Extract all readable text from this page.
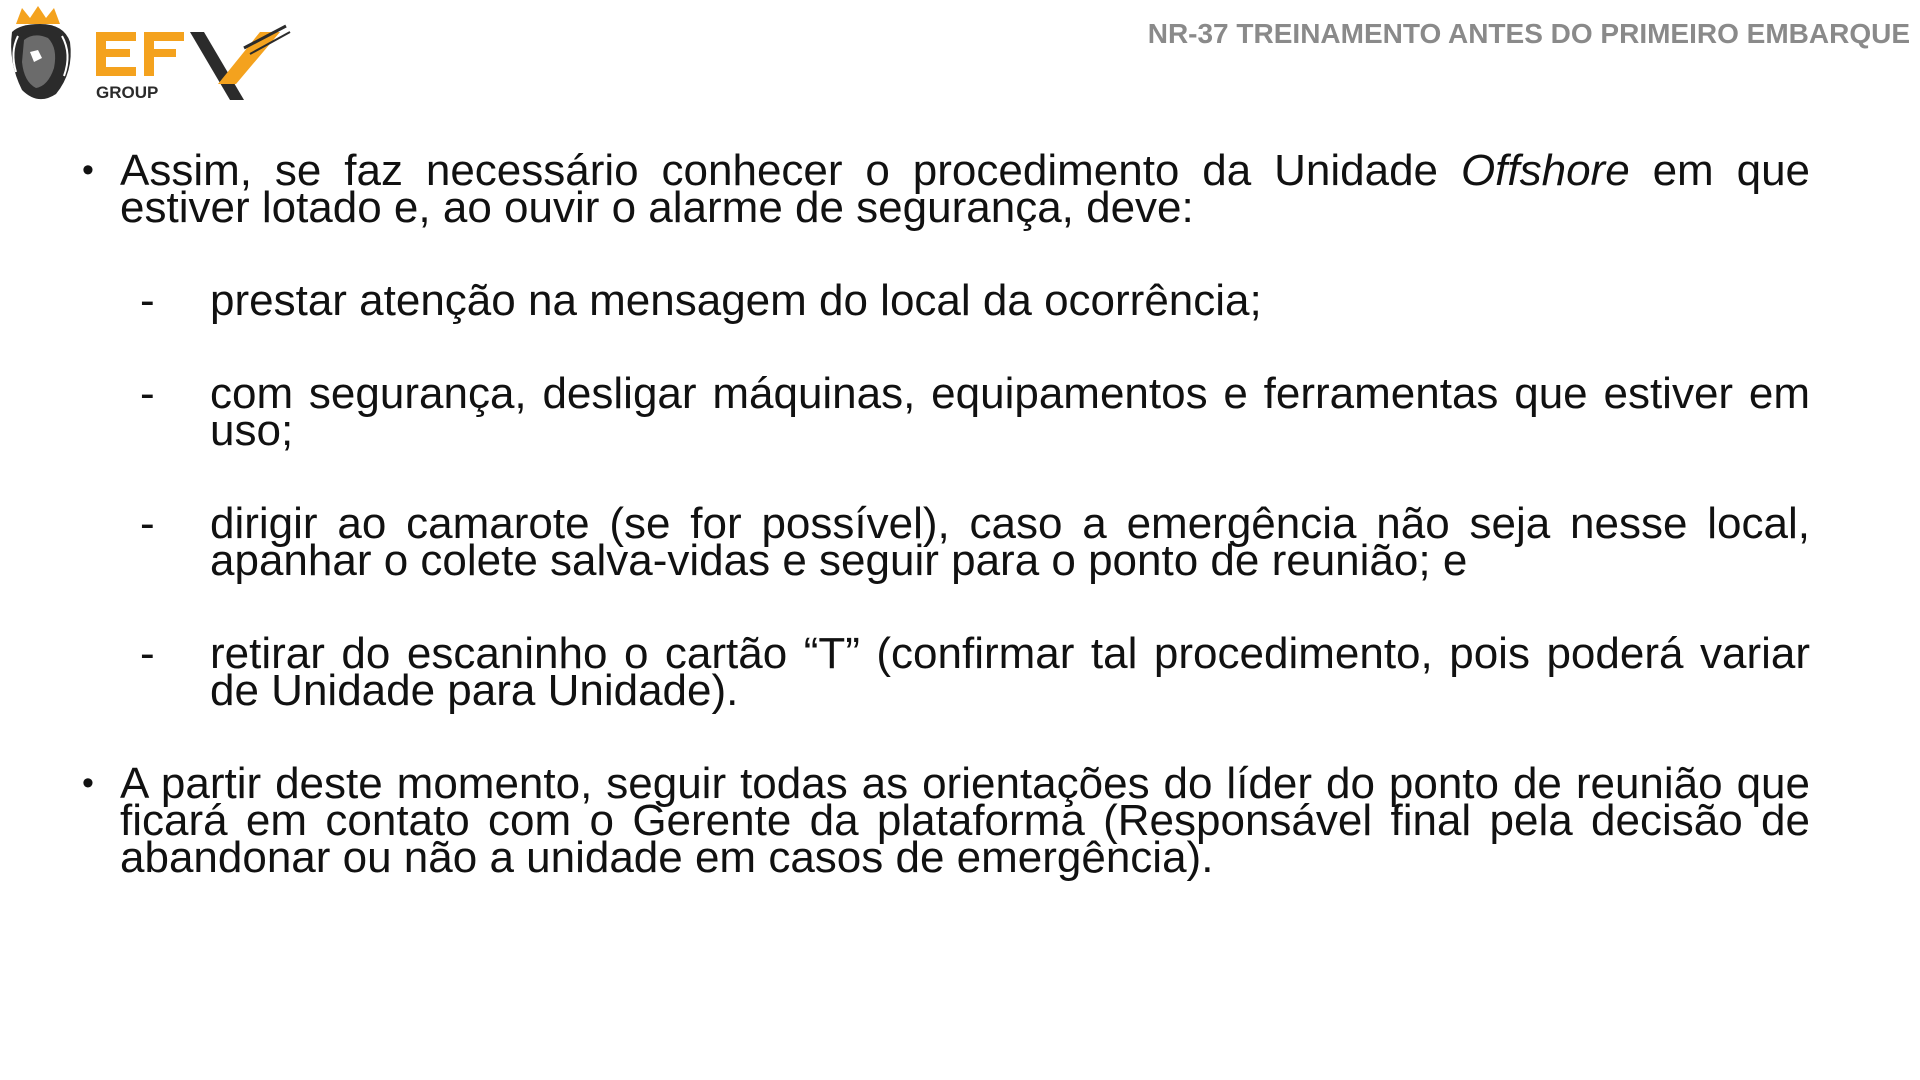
GROUP
NR-37 TREINAMENTO ANTES DO PRIMEIRO EMBARQUE
• Assim, se faz necessário conhecer o procedimento da Unidade Offshore em que estiver lotado e, ao ouvir o alarme de segurança, deve:
- prestar atenção na mensagem do local da ocorrência;
- com segurança, desligar máquinas, equipamentos e ferramentas que estiver em uso;
- dirigir ao camarote (se for possível), caso a emergência não seja nesse local, apanhar o colete salva-vidas e seguir para o ponto de reunião; e
- retirar do escaninho o cartão “T” (confirmar tal procedimento, pois poderá variar de Unidade para Unidade).
• A partir deste momento, seguir todas as orientações do líder do ponto de reunião que ficará em contato com o Gerente da plataforma (Responsável final pela decisão de abandonar ou não a unidade em casos de emergência).
